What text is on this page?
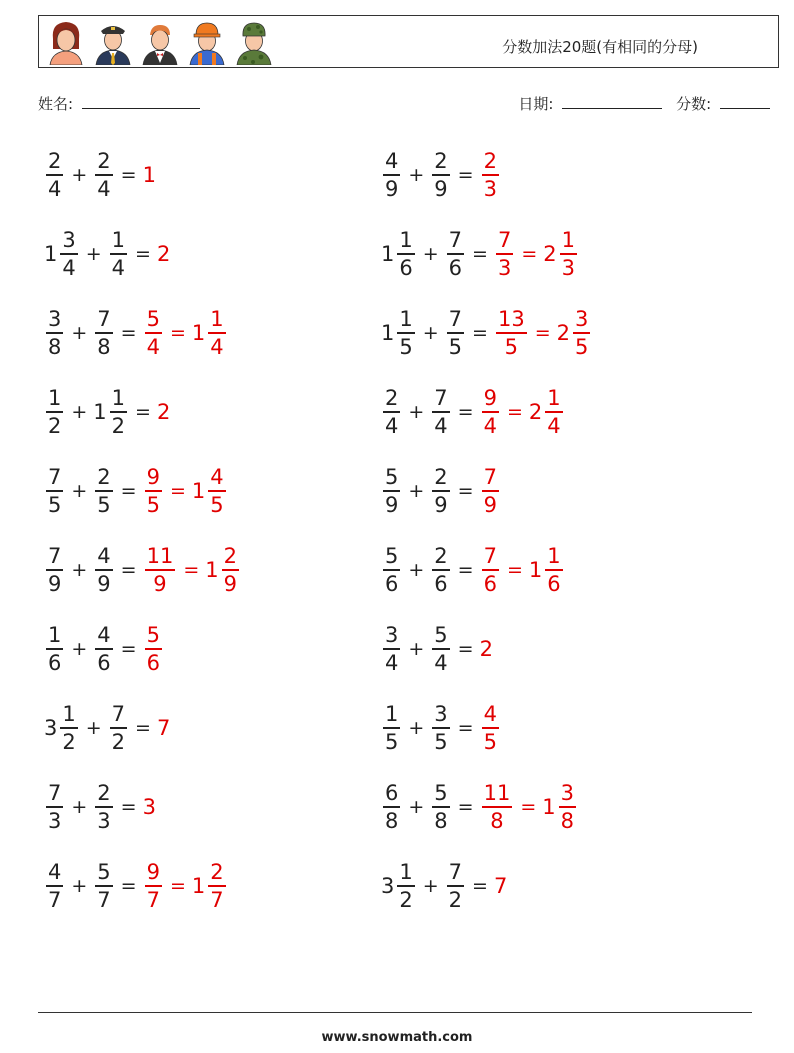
分数加法20题(有相同的分母)
姓名:	日期:	分数:
$\frac{2}{4} + \frac{2}{4} = 1$	$\frac{4}{9} + \frac{2}{9} = \frac{2}{3}$
$1 \frac{3}{4} + \frac{1}{4} = 2$	$1 \frac{1}{6} + \frac{7}{6} = \frac{7}{3} = 2 \frac{1}{3}$
$\frac{3}{8} + \frac{7}{8} = \frac{5}{4} = 1 \frac{1}{4}$	$1 \frac{1}{5} + \frac{7}{5} = \frac{13}{5} = 2 \frac{3}{5}$
$\frac{1}{2} + 1 \frac{1}{2} = 2$	$\frac{2}{4} + \frac{7}{4} = \frac{9}{4} = 2 \frac{1}{4}$
$\frac{7}{5} + \frac{2}{5} = \frac{9}{5} = 1 \frac{4}{5}$	$\frac{5}{9} + \frac{2}{9} = \frac{7}{9}$
$\frac{7}{9} + \frac{4}{9} = \frac{11}{9} = 1 \frac{2}{9}$	$\frac{5}{6} + \frac{2}{6} = \frac{7}{6} = 1 \frac{1}{6}$
$\frac{1}{6} + \frac{4}{6} = \frac{5}{6}$	$\frac{3}{4} + \frac{5}{4} = 2$
$3 \frac{1}{2} + \frac{7}{2} = 7$	$\frac{1}{5} + \frac{3}{5} = \frac{4}{5}$
$\frac{7}{3} + \frac{2}{3} = 3$	$\frac{6}{8} + \frac{5}{8} = \frac{11}{8} = 1 \frac{3}{8}$
$\frac{4}{7} + \frac{5}{7} = \frac{9}{7} = 1 \frac{2}{7}$	$3 \frac{1}{2} + \frac{7}{2} = 7$
www.snowmath.com
